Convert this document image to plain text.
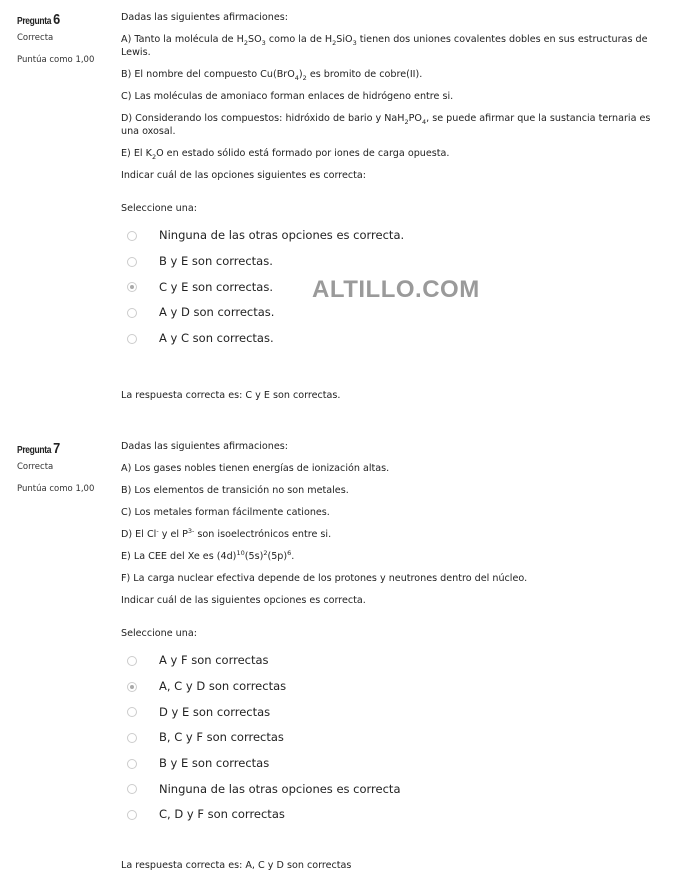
ALTILLO.COM
Pregunta 6
Correcta
Puntúa como 1,00
Dadas las siguientes afirmaciones:
A) Tanto la molécula de $H_2SO_3$ como la de $H_2SiO_3$ tienen dos uniones covalentes dobles en sus estructuras de Lewis.
B) El nombre del compuesto $Cu(BrO_4)_2$ es bromito de cobre(II).
C) Las moléculas de amoniaco forman enlaces de hidrógeno entre si.
D) Considerando los compuestos: hidróxido de bario y $NaH_2PO_4$, se puede afirmar que la sustancia ternaria es una oxosal.
E) El $K_2O$ en estado sólido está formado por iones de carga opuesta.
Indicar cuál de las opciones siguientes es correcta:
Seleccione una:
Ninguna de las otras opciones es correcta.
B y E son correctas.
C y E son correctas.
A y D son correctas.
A y C son correctas.
La respuesta correcta es: C y E son correctas.
Pregunta 7
Correcta
Puntúa como 1,00
Dadas las siguientes afirmaciones:
A) Los gases nobles tienen energías de ionización altas.
B) Los elementos de transición no son metales.
C) Los metales forman fácilmente cationes.
D) El Cl- y el $P^{3-}$ son isoelectrónicos entre si.
E) La CEE del Xe es $(4d)^{10}(5s)^2(5p)^6$.
F) La carga nuclear efectiva depende de los protones y neutrones dentro del núcleo.
Indicar cuál de las siguientes opciones es correcta.
Seleccione una:
A y F son correctas
A, C y D son correctas
D y E son correctas
B, C y F son correctas
B y E son correctas
Ninguna de las otras opciones es correcta
C, D y F son correctas
La respuesta correcta es: A, C y D son correctas
